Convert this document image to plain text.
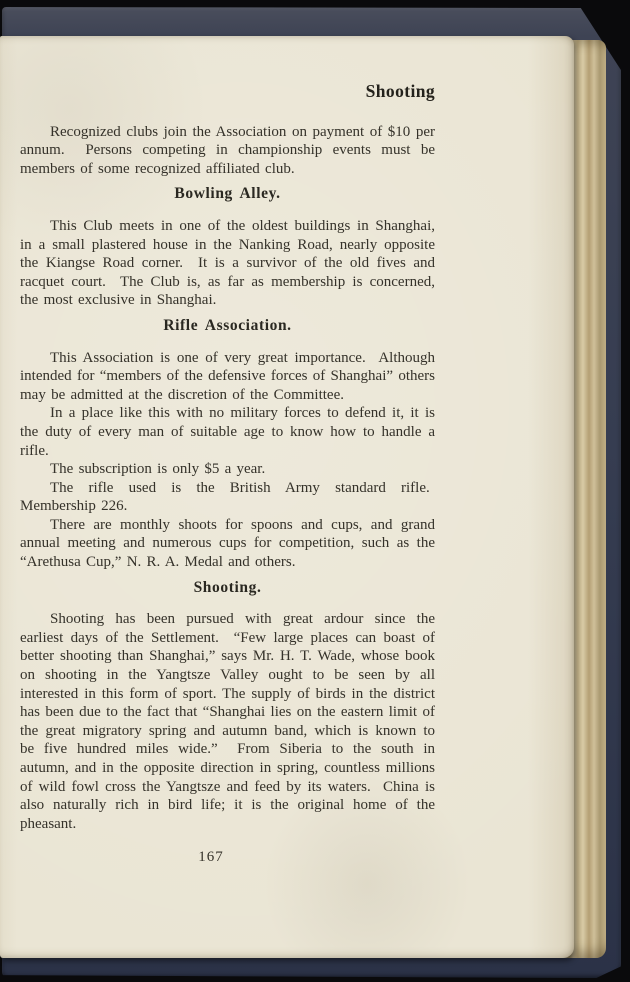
Shooting

Recognized clubs join the Association on payment of $10 per annum.  Persons competing in championship events must be members of some recognized affiliated club.

Bowling Alley.

This Club meets in one of the oldest buildings in Shanghai, in a small plastered house in the Nanking Road, nearly opposite the Kiangse Road corner.  It is a survivor of the old fives and racquet court.  The Club is, as far as membership is concerned, the most exclusive in Shanghai.

Rifle Association.

This Association is one of very great importance.  Although intended for “members of the defensive forces of Shanghai” others may be admitted at the discretion of the Committee.

In a place like this with no military forces to defend it, it is the duty of every man of suitable age to know how to handle a rifle.

The subscription is only $5 a year.

The rifle used is the British Army standard rifle.  Membership 226.

There are monthly shoots for spoons and cups, and grand annual meeting and numerous cups for competition, such as the “Arethusa Cup,” N. R. A. Medal and others.

Shooting.

Shooting has been pursued with great ardour since the earliest days of the Settlement.  “Few large places can boast of better shooting than Shanghai,” says Mr. H. T. Wade, whose book on shooting in the Yangtsze Valley ought to be seen by all interested in this form of sport. The supply of birds in the district has been due to the fact that “Shanghai lies on the eastern limit of the great migratory spring and autumn band, which is known to be five hundred miles wide.”  From Siberia to the south in autumn, and in the opposite direction in spring, countless millions of wild fowl cross the Yangtsze and feed by its waters.  China is also naturally rich in bird life; it is the original home of the pheasant.

167
